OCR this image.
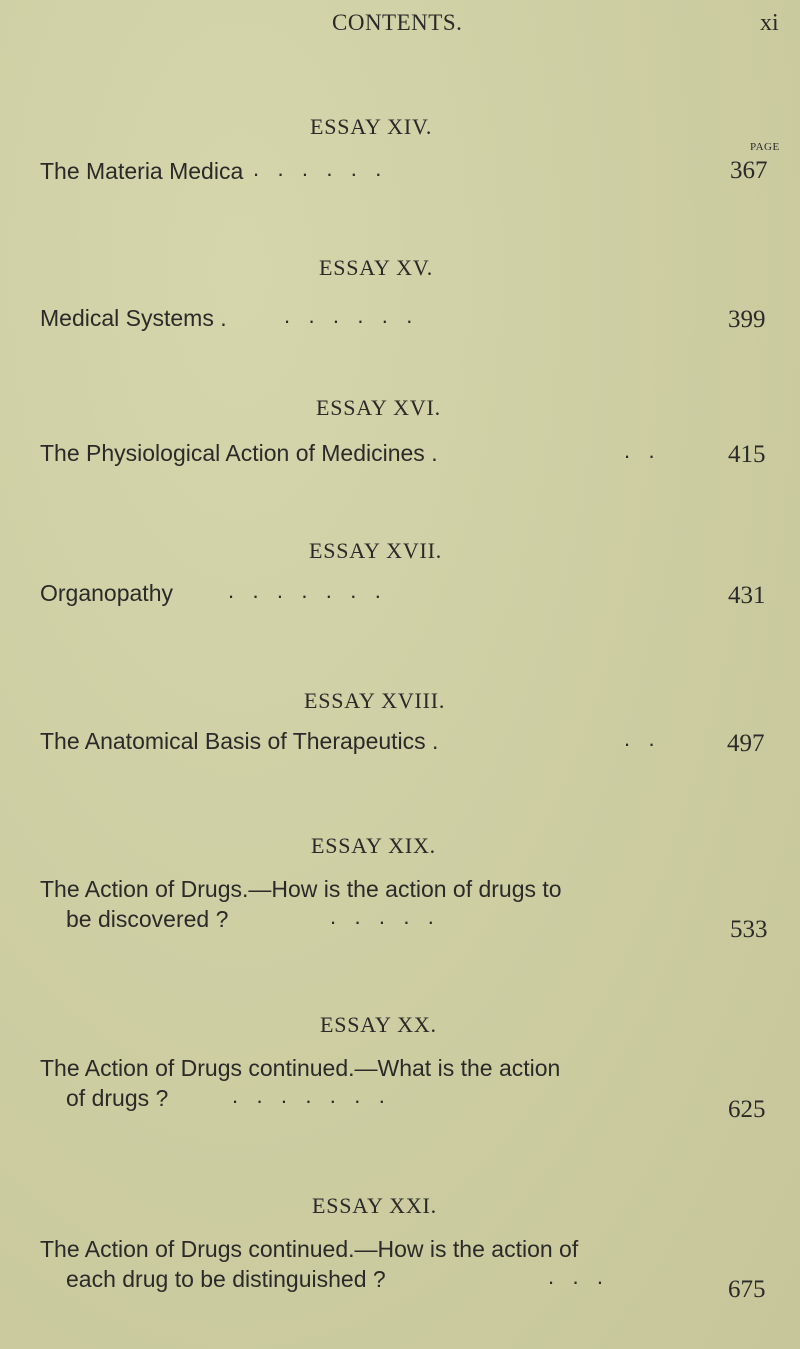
CONTENTS.	xi
PAGE
ESSAY XIV.
The Materia Medica .   .   .   .   .   .	367
ESSAY XV.
Medical Systems .	.   .   .   .   .   .	399
ESSAY XVI.
The Physiological Action of Medicines .	.   .	415
ESSAY XVII.
Organopathy	.   .   .   .   .   .   .	431
ESSAY XVIII.
The Anatomical Basis of Therapeutics .	.   .	497
ESSAY XIX.
The Action of Drugs.—How is the action of drugs to
be discovered ?	.   .   .   .   .	533
ESSAY XX.
The Action of Drugs continued.—What is the action
of drugs ?	.   .   .   .   .   .   .
625
ESSAY XXI.
The Action of Drugs continued.—How is the action of
each drug to be distinguished ?	.   .   .	675
